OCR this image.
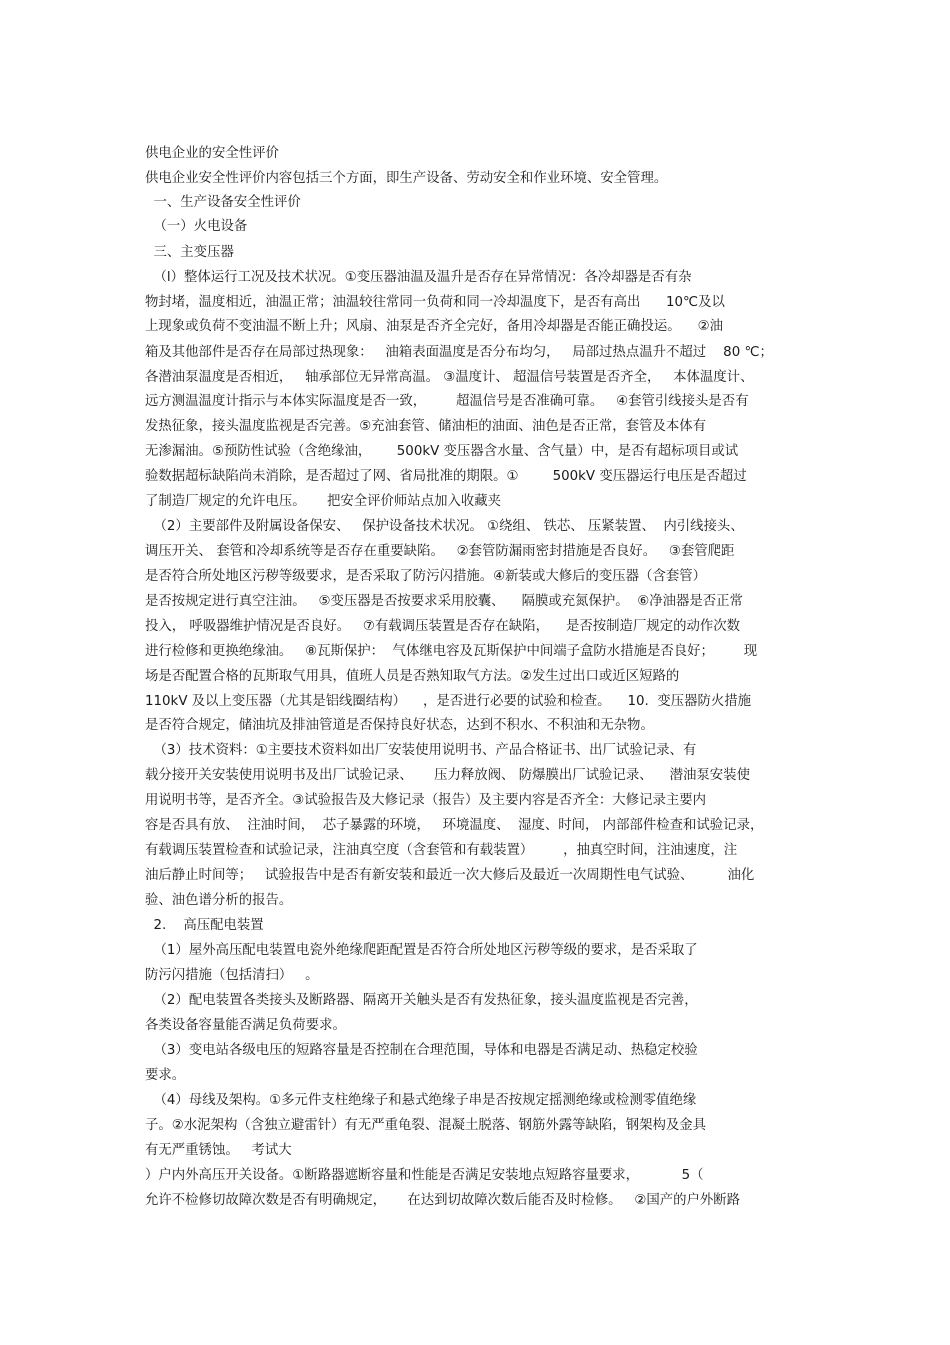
供电企业的安全性评价
供电企业安全性评价内容包括三个方面，即生产设备、劳动安全和作业环境、安全管理。
一、生产设备安全性评价
（一）火电设备
三、主变压器
（l）整体运行工况及技术状况。①变压器油温及温升是否存在异常情况：各冷却器是否有杂
物封堵，温度相近，油温正常；油温较往常同一负荷和同一冷却温度下，是否有高出      10℃及以
上现象或负荷不变油温不断上升；风扇、油泵是否齐全完好，备用冷却器是否能正确投运。    ②油
箱及其他部件是否存在局部过热现象：   油箱表面温度是否分布均匀，   局部过热点温升不超过    80 ℃；
各潜油泵温度是否相近，   轴承部位无异常高温。 ③温度计、 超温信号装置是否齐全，   本体温度计、
远方测温温度计指示与本体实际温度是否一致，       超温信号是否准确可靠。   ④套管引线接头是否有
发热征象，接头温度监视是否完善。⑤充油套管、储油柜的油面、油色是否正常，套管及本体有
无渗漏油。⑤预防性试验（含绝缘油，      500kV 变压器含水量、含气量）中，是否有超标项目或试
验数据超标缺陷尚未消除，是否超过了网、省局批准的期限。①        500kV 变压器运行电压是否超过
了制造厂规定的允许电压。     把安全评价师站点加入收藏夹
（2）主要部件及附属设备保安、   保护设备技术状况。 ①绕组、 铁芯、 压紧装置、  内引线接头、
调压开关、 套管和冷却系统等是否存在重要缺陷。   ②套管防漏雨密封措施是否良好。   ③套管爬距
是否符合所处地区污秽等级要求，是否采取了防污闪措施。④新装或大修后的变压器（含套管）
是否按规定进行真空注油。   ⑤变压器是否按要求采用胶囊、    隔膜或充氮保护。  ⑥净油器是否正常
投入， 呼吸器维护情况是否良好。   ⑦有载调压装置是否存在缺陷，    是否按制造厂规定的动作次数
进行检修和更换绝缘油。   ⑧瓦斯保护：  气体继电容及瓦斯保护中间端子盒防水措施是否良好；       现
场是否配置合格的瓦斯取气用具，值班人员是否熟知取气方法。②发生过出口或近区短路的
110kV 及以上变压器（尤其是铝线圈结构）    ，是否进行必要的试验和检查。    10.  变压器防火措施
是否符合规定，储油坑及排油管道是否保持良好状态，达到不积水、不积油和无杂物。
（3）技术资料：①主要技术资料如出厂安装使用说明书、产品合格证书、出厂试验记录、有
载分接开关安装使用说明书及出厂试验记录、     压力释放阀、 防爆膜出厂试验记录、    潜油泵安装使
用说明书等，是否齐全。③试验报告及大修记录（报告）及主要内容是否齐全：大修记录主要内
容是否具有放、  注油时间，  芯子暴露的环境，   环境温度、  湿度、时间， 内部部件检查和试验记录，
有载调压装置检查和试验记录，注油真空度（含套管和有载装置）       ，抽真空时间，注油速度，注
油后静止时间等；   试验报告中是否有新安装和最近一次大修后及最近一次周期性电气试验、        油化
验、油色谱分析的报告。
2.    高压配电装置
（1）屋外高压配电装置电瓷外绝缘爬距配置是否符合所处地区污秽等级的要求，是否采取了
防污闪措施（包括清扫）   。
（2）配电装置各类接头及断路器、隔离开关触头是否有发热征象，接头温度监视是否完善，
各类设备容量能否满足负荷要求。
（3）变电站各级电压的短路容量是否控制在合理范围，导体和电器是否满足动、热稳定校验
要求。
（4）母线及架构。①多元件支柱绝缘子和悬式绝缘子串是否按规定摇测绝缘或检测零值绝缘
子。②水泥架构（含独立避雷针）有无严重龟裂、混凝土脱落、钢筋外露等缺陷，钢架构及金具
有无严重锈蚀。   考试大
）户内外高压开关设备。①断路器遮断容量和性能是否满足安装地点短路容量要求，          5（
允许不检修切故障次数是否有明确规定，     在达到切故障次数后能否及时检修。   ②国产的户外断路
